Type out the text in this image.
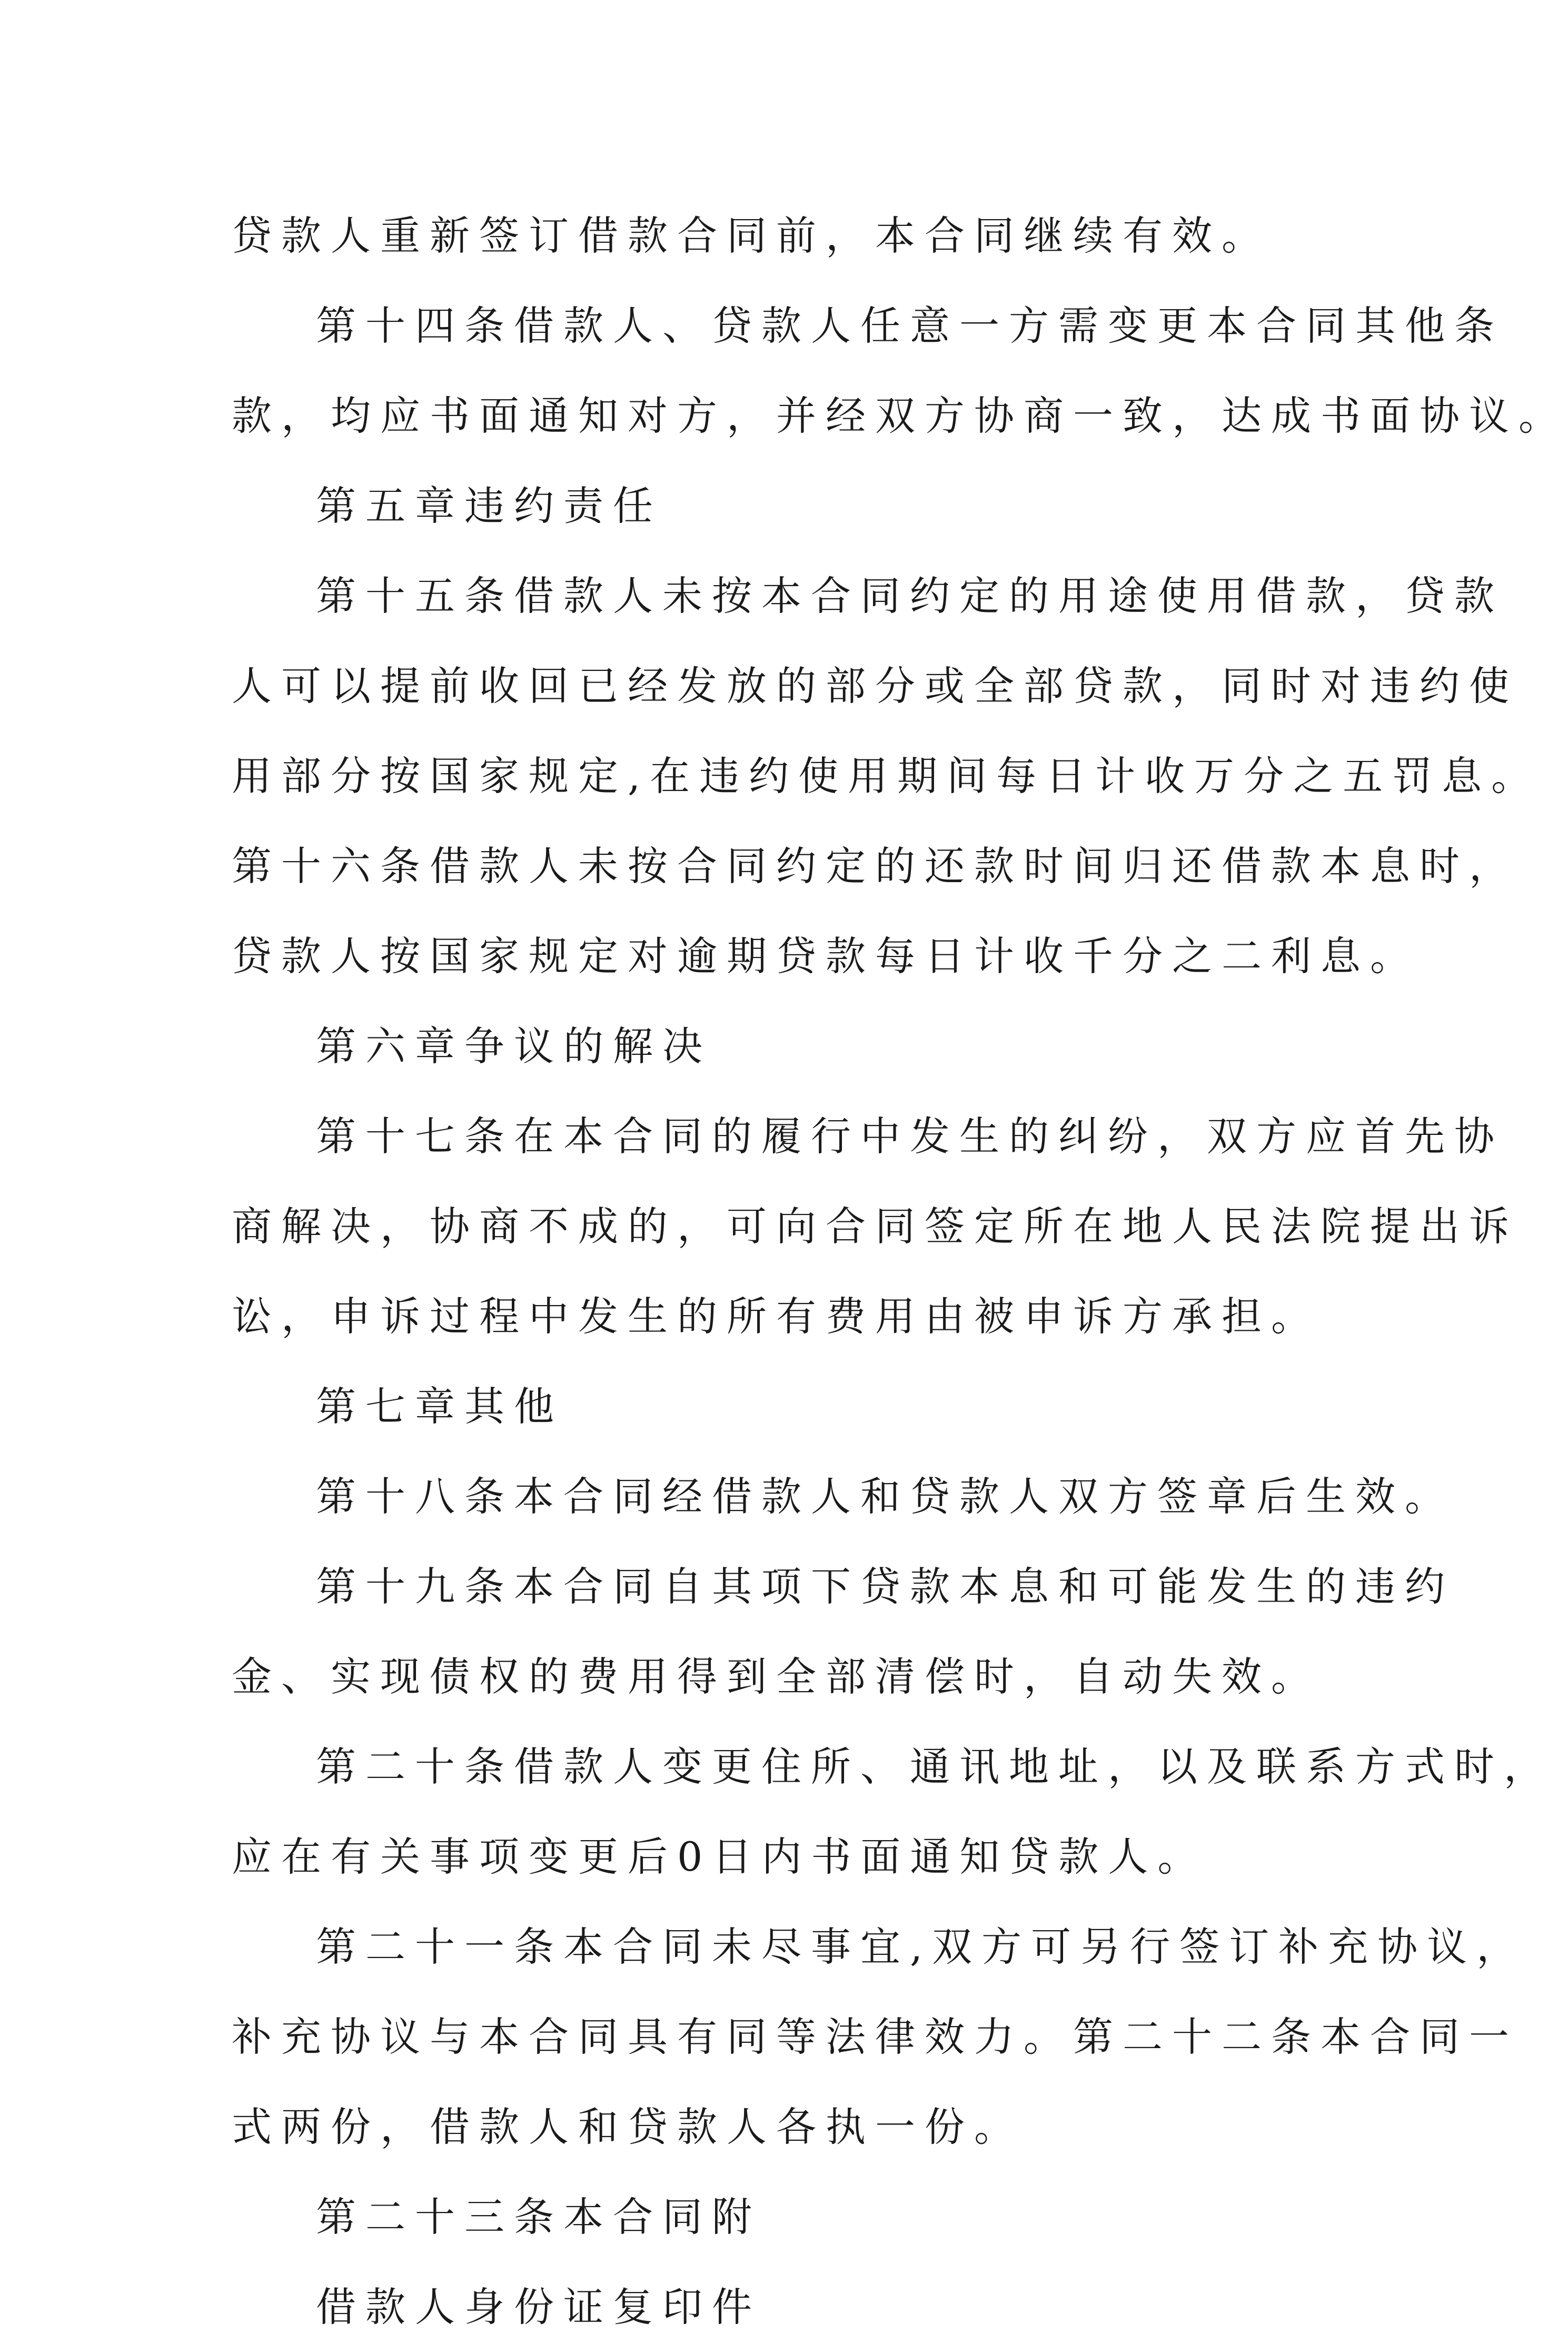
贷款人重新签订借款合同前，本合同继续有效。
第十四条借款人、贷款人任意一方需变更本合同其他条
款，均应书面通知对方，并经双方协商一致，达成书面协议。
第五章违约责任
第十五条借款人未按本合同约定的用途使用借款，贷款
人可以提前收回已经发放的部分或全部贷款，同时对违约使
用部分按国家规定,在违约使用期间每日计收万分之五罚息。
第十六条借款人未按合同约定的还款时间归还借款本息时，
贷款人按国家规定对逾期贷款每日计收千分之二利息。
第六章争议的解决
第十七条在本合同的履行中发生的纠纷，双方应首先协
商解决，协商不成的，可向合同签定所在地人民法院提出诉
讼，申诉过程中发生的所有费用由被申诉方承担。
第七章其他
第十八条本合同经借款人和贷款人双方签章后生效。
第十九条本合同自其项下贷款本息和可能发生的违约
金、实现债权的费用得到全部清偿时，自动失效。
第二十条借款人变更住所、通讯地址，以及联系方式时，
应在有关事项变更后0日内书面通知贷款人。
第二十一条本合同未尽事宜,双方可另行签订补充协议，
补充协议与本合同具有同等法律效力。第二十二条本合同一
式两份，借款人和贷款人各执一份。
第二十三条本合同附
借款人身份证复印件
